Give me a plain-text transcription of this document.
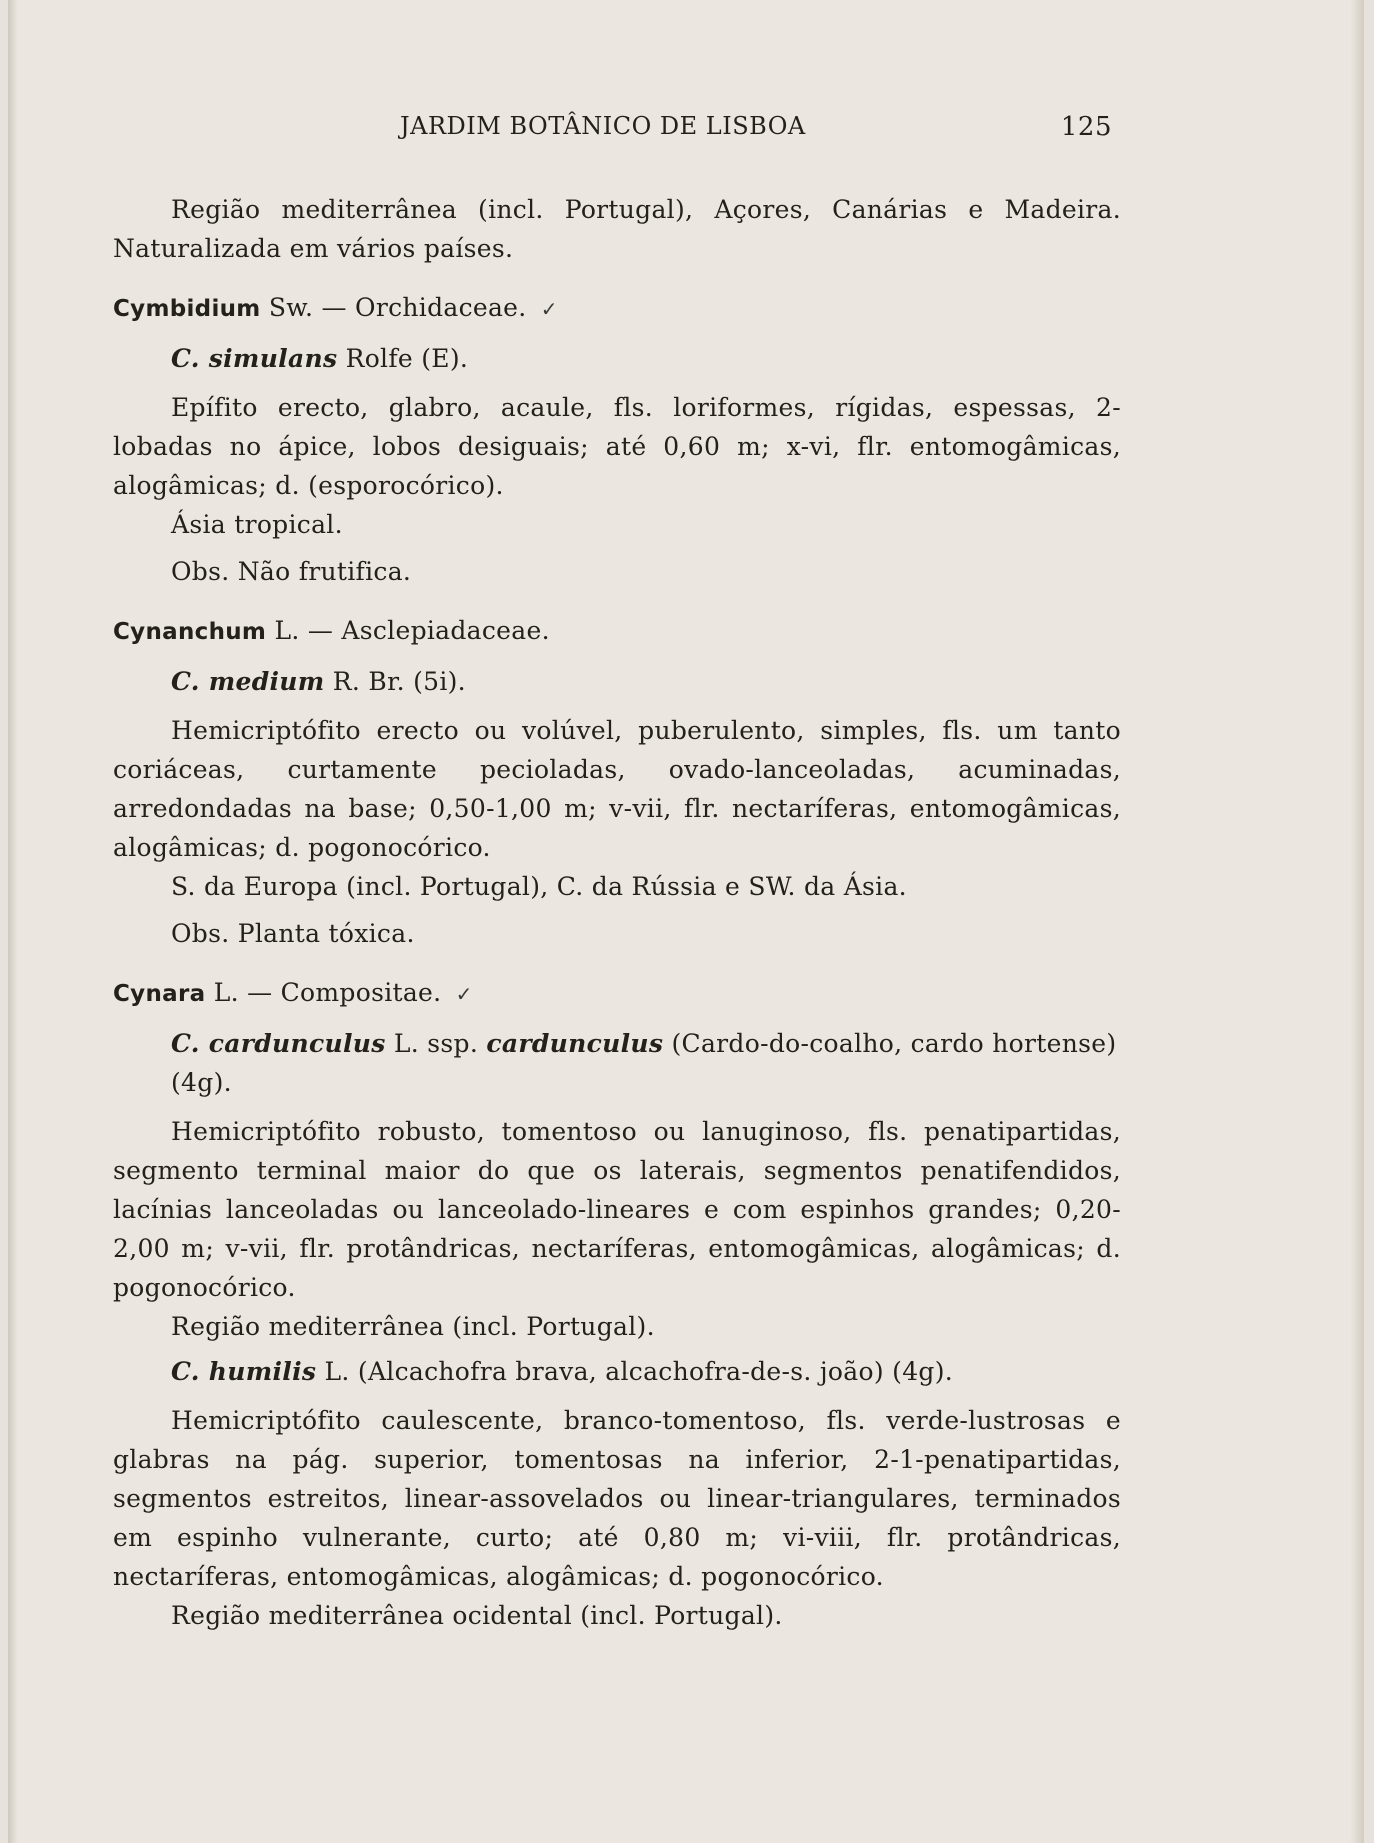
JARDIM BOTÂNICO DE LISBOA	125

Região mediterrânea (incl. Portugal), Açores, Canárias e Madeira. Naturalizada em vários países.

Cymbidium Sw. — Orchidaceae. ✓

C. simulans Rolfe (E).

Epífito erecto, glabro, acaule, fls. loriformes, rígidas, espessas, 2-lobadas no ápice, lobos desiguais; até 0,60 m; x-vi, flr. entomogâmicas, alogâmicas; d. (esporocórico).

Ásia tropical.

Obs. Não frutifica.

Cynanchum L. — Asclepiadaceae.

C. medium R. Br. (5i).

Hemicriptófito erecto ou volúvel, puberulento, simples, fls. um tanto coriáceas, curtamente pecioladas, ovado-lanceoladas, acuminadas, arredondadas na base; 0,50-1,00 m; v-vii, flr. nectaríferas, entomogâmicas, alogâmicas; d. pogonocórico.

S. da Europa (incl. Portugal), C. da Rússia e SW. da Ásia.

Obs. Planta tóxica.

Cynara L. — Compositae. ✓

C. cardunculus L. ssp. cardunculus (Cardo-do-coalho, cardo hortense) (4g).

Hemicriptófito robusto, tomentoso ou lanuginoso, fls. penatipartidas, segmento terminal maior do que os laterais, segmentos penatifendidos, lacínias lanceoladas ou lanceolado-lineares e com espinhos grandes; 0,20-2,00 m; v-vii, flr. protândricas, nectaríferas, entomogâmicas, alogâmicas; d. pogonocórico.

Região mediterrânea (incl. Portugal).

C. humilis L. (Alcachofra brava, alcachofra-de-s. joão) (4g).

Hemicriptófito caulescente, branco-tomentoso, fls. verde-lustrosas e glabras na pág. superior, tomentosas na inferior, 2-1-penatipartidas, segmentos estreitos, linear-assovelados ou linear-triangulares, terminados em espinho vulnerante, curto; até 0,80 m; vi-viii, flr. protândricas, nectaríferas, entomogâmicas, alogâmicas; d. pogonocórico.

Região mediterrânea ocidental (incl. Portugal).
